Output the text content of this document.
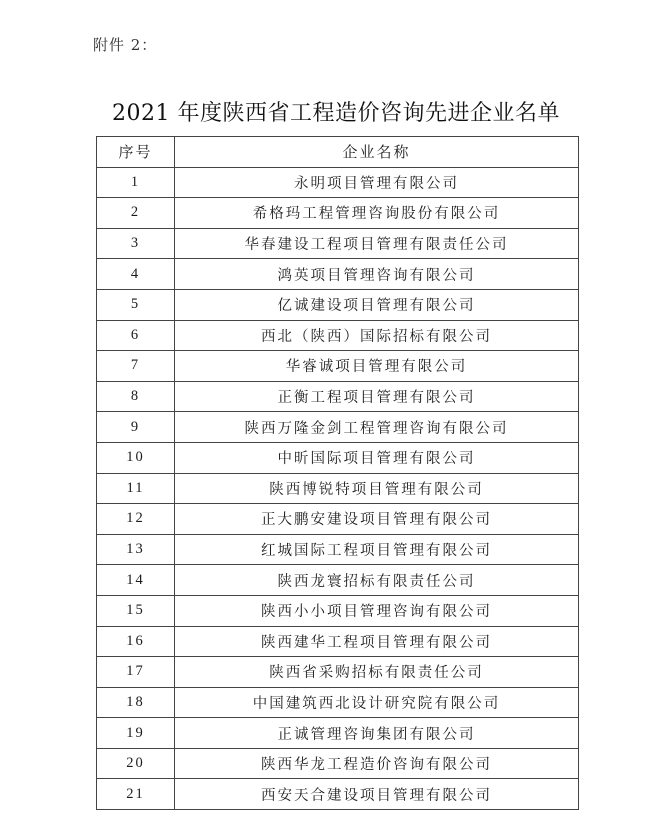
附件 2：
2021 年度陕西省工程造价咨询先进企业名单
序号	企业名称
1	永明项目管理有限公司
2	希格玛工程管理咨询股份有限公司
3	华春建设工程项目管理有限责任公司
4	鸿英项目管理咨询有限公司
5	亿诚建设项目管理有限公司
6	西北（陕西）国际招标有限公司
7	华睿诚项目管理有限公司
8	正衡工程项目管理有限公司
9	陕西万隆金剑工程管理咨询有限公司
10	中昕国际项目管理有限公司
11	陕西博锐特项目管理有限公司
12	正大鹏安建设项目管理有限公司
13	红城国际工程项目管理有限公司
14	陕西龙寰招标有限责任公司
15	陕西小小项目管理咨询有限公司
16	陕西建华工程项目管理有限公司
17	陕西省采购招标有限责任公司
18	中国建筑西北设计研究院有限公司
19	正诚管理咨询集团有限公司
20	陕西华龙工程造价咨询有限公司
21	西安天合建设项目管理有限公司
